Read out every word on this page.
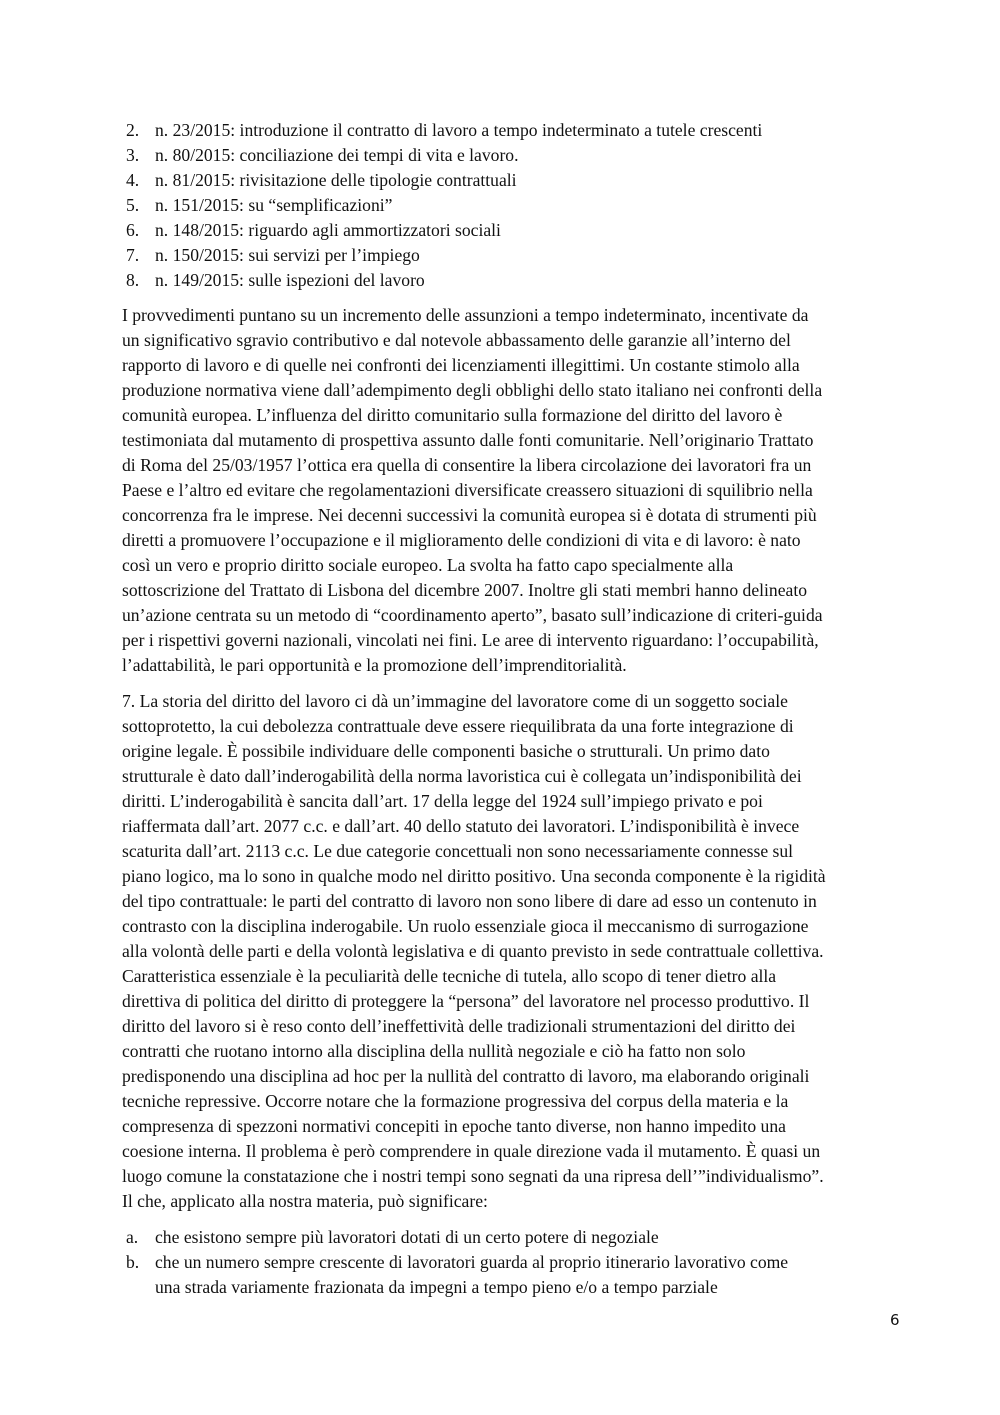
2. n. 23/2015: introduzione il contratto di lavoro a tempo indeterminato a tutele crescenti
3. n. 80/2015: conciliazione dei tempi di vita e lavoro.
4. n. 81/2015: rivisitazione delle tipologie contrattuali
5. n. 151/2015: su “semplificazioni”
6. n. 148/2015: riguardo agli ammortizzatori sociali
7. n. 150/2015: sui servizi per l’impiego
8. n. 149/2015: sulle ispezioni del lavoro

I provvedimenti puntano su un incremento delle assunzioni a tempo indeterminato, incentivate da
un significativo sgravio contributivo e dal notevole abbassamento delle garanzie all’interno del
rapporto di lavoro e di quelle nei confronti dei licenziamenti illegittimi. Un costante stimolo alla
produzione normativa viene dall’adempimento degli obblighi dello stato italiano nei confronti della
comunità europea. L’influenza del diritto comunitario sulla formazione del diritto del lavoro è
testimoniata dal mutamento di prospettiva assunto dalle fonti comunitarie. Nell’originario Trattato
di Roma del 25/03/1957 l’ottica era quella di consentire la libera circolazione dei lavoratori fra un
Paese e l’altro ed evitare che regolamentazioni diversificate creassero situazioni di squilibrio nella
concorrenza fra le imprese. Nei decenni successivi la comunità europea si è dotata di strumenti più
diretti a promuovere l’occupazione e il miglioramento delle condizioni di vita e di lavoro: è nato
così un vero e proprio diritto sociale europeo. La svolta ha fatto capo specialmente alla
sottoscrizione del Trattato di Lisbona del dicembre 2007. Inoltre gli stati membri hanno delineato
un’azione centrata su un metodo di “coordinamento aperto”, basato sull’indicazione di criteri-guida
per i rispettivi governi nazionali, vincolati nei fini. Le aree di intervento riguardano: l’occupabilità,
l’adattabilità, le pari opportunità e la promozione dell’imprenditorialità.

7. La storia del diritto del lavoro ci dà un’immagine del lavoratore come di un soggetto sociale
sottoprotetto, la cui debolezza contrattuale deve essere riequilibrata da una forte integrazione di
origine legale. È possibile individuare delle componenti basiche o strutturali. Un primo dato
strutturale è dato dall’inderogabilità della norma lavoristica cui è collegata un’indisponibilità dei
diritti. L’inderogabilità è sancita dall’art. 17 della legge del 1924 sull’impiego privato e poi
riaffermata dall’art. 2077 c.c. e dall’art. 40 dello statuto dei lavoratori. L’indisponibilità è invece
scaturita dall’art. 2113 c.c. Le due categorie concettuali non sono necessariamente connesse sul
piano logico, ma lo sono in qualche modo nel diritto positivo. Una seconda componente è la rigidità
del tipo contrattuale: le parti del contratto di lavoro non sono libere di dare ad esso un contenuto in
contrasto con la disciplina inderogabile. Un ruolo essenziale gioca il meccanismo di surrogazione
alla volontà delle parti e della volontà legislativa e di quanto previsto in sede contrattuale collettiva.
Caratteristica essenziale è la peculiarità delle tecniche di tutela, allo scopo di tener dietro alla
direttiva di politica del diritto di proteggere la “persona” del lavoratore nel processo produttivo. Il
diritto del lavoro si è reso conto dell’ineffettività delle tradizionali strumentazioni del diritto dei
contratti che ruotano intorno alla disciplina della nullità negoziale e ciò ha fatto non solo
predisponendo una disciplina ad hoc per la nullità del contratto di lavoro, ma elaborando originali
tecniche repressive. Occorre notare che la formazione progressiva del corpus della materia e la
compresenza di spezzoni normativi concepiti in epoche tanto diverse, non hanno impedito una
coesione interna. Il problema è però comprendere in quale direzione vada il mutamento. È quasi un
luogo comune la constatazione che i nostri tempi sono segnati da una ripresa dell’”individualismo”.
Il che, applicato alla nostra materia, può significare:

a. che esistono sempre più lavoratori dotati di un certo potere di negoziale
b. che un numero sempre crescente di lavoratori guarda al proprio itinerario lavorativo come
una strada variamente frazionata da impegni a tempo pieno e/o a tempo parziale
6
